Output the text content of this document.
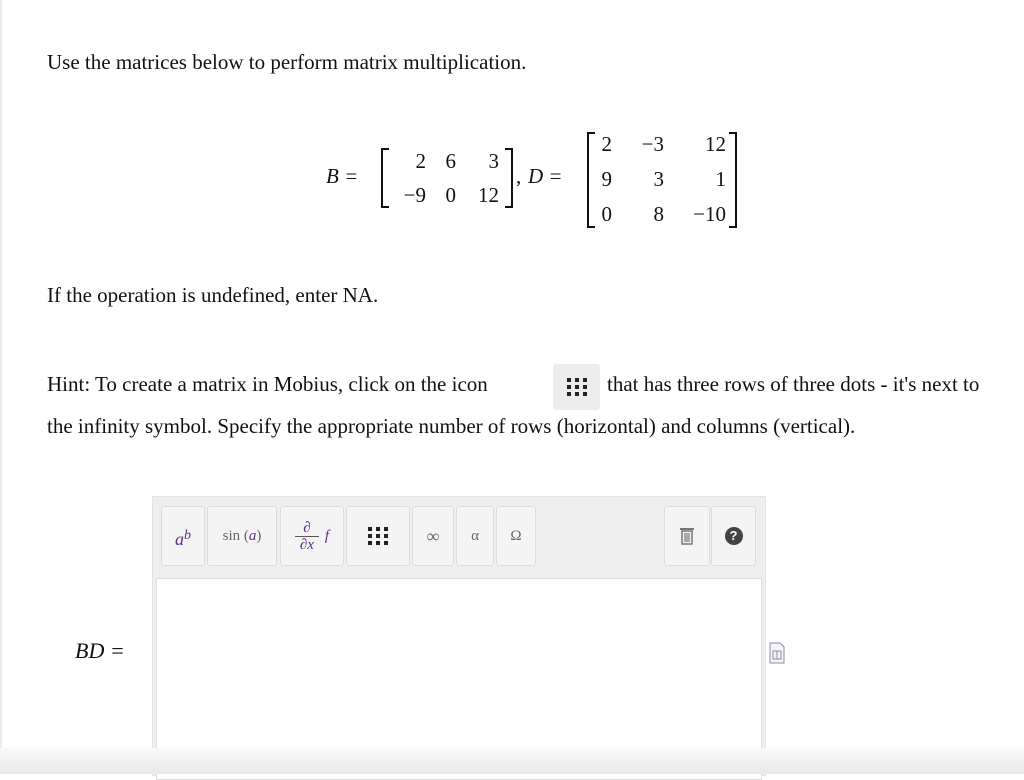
Use the matrices below to perform matrix multiplication.
B =
2 6	3
−9 0	12
, D =
2	−3	12
9	3	1
0	8 −10
If the operation is undefined, enter NA.
Hint: To create a matrix in Mobius, click on the icon	that has three rows of three dots - it's next to
the infinity symbol. Specify the appropriate number of rows (horizontal) and columns (vertical).
a b sin ( a )	∂
∂x
f	∞	α	Ω	?
BD =
